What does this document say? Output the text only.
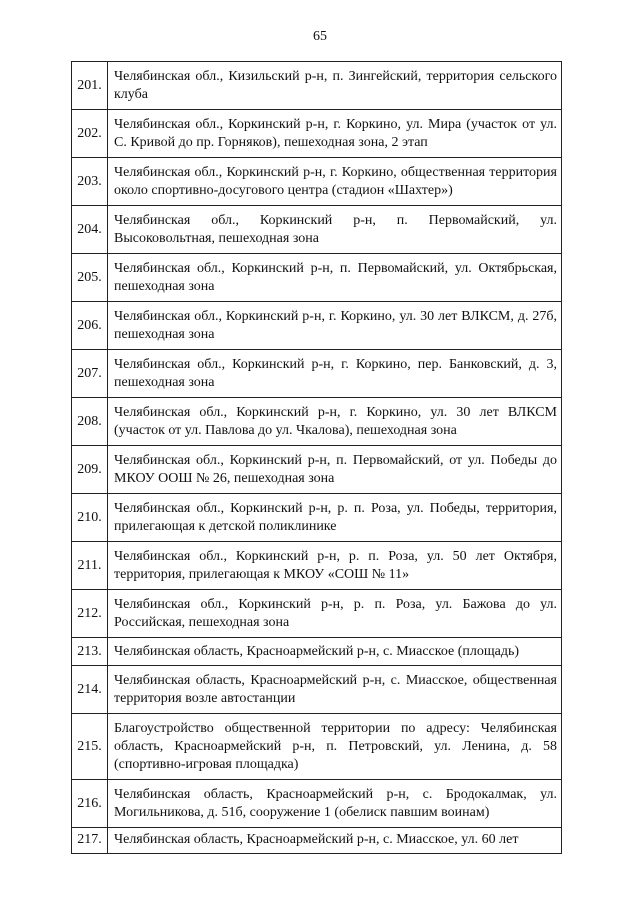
65
201.	Челябинская обл., Кизильский р-н, п. Зингейский, территория сельского клуба
202.	Челябинская обл., Коркинский р-н, г. Коркино, ул. Мира (участок от ул. С. Кривой до пр. Горняков), пешеходная зона, 2 этап
203.	Челябинская обл., Коркинский р-н, г. Коркино, общественная территория около спортивно-досугового центра (стадион «Шахтер»)
204.	Челябинская обл., Коркинский р-н, п. Первомайский, ул. Высоковольтная, пешеходная зона
205.	Челябинская обл., Коркинский р-н, п. Первомайский, ул. Октябрьская, пешеходная зона
206.	Челябинская обл., Коркинский р-н, г. Коркино, ул. 30 лет ВЛКСМ, д. 27б, пешеходная зона
207.	Челябинская обл., Коркинский р-н, г. Коркино, пер. Банковский, д. 3, пешеходная зона
208.	Челябинская обл., Коркинский р-н, г. Коркино, ул. 30 лет ВЛКСМ (участок от ул. Павлова до ул. Чкалова), пешеходная зона
209.	Челябинская обл., Коркинский р-н, п. Первомайский, от ул. Победы до МКОУ ООШ № 26, пешеходная зона
210.	Челябинская обл., Коркинский р-н, р. п. Роза, ул. Победы, территория, прилегающая к детской поликлинике
211.	Челябинская обл., Коркинский р-н, р. п. Роза, ул. 50 лет Октября, территория, прилегающая к МКОУ «СОШ № 11»
212.	Челябинская обл., Коркинский р-н, р. п. Роза, ул. Бажова до ул. Российская, пешеходная зона
213.	Челябинская область, Красноармейский р-н, с. Миасское (площадь)
214.	Челябинская область, Красноармейский р-н, с. Миасское, общественная территория возле автостанции
215.	Благоустройство общественной территории по адресу: Челябинская область, Красноармейский р-н, п. Петровский, ул. Ленина, д. 58 (спортивно-игровая площадка)
216.	Челябинская область, Красноармейский р-н, с. Бродокалмак, ул. Могильникова, д. 51б, сооружение 1 (обелиск павшим воинам)
217.	Челябинская область, Красноармейский р-н, с. Миасское, ул. 60 лет
